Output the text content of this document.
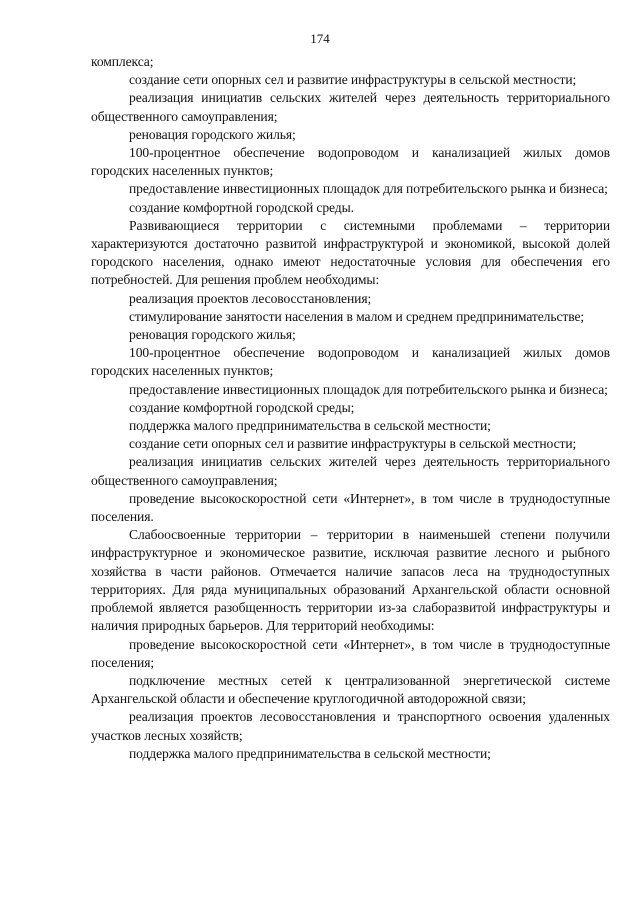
174

комплекса;

создание сети опорных сел и развитие инфраструктуры в сельской местности;

реализация инициатив сельских жителей через деятельность территориального общественного самоуправления;

реновация городского жилья;

100-процентное обеспечение водопроводом и канализацией жилых домов городских населенных пунктов;

предоставление инвестиционных площадок для потребительского рынка и бизнеса;

создание комфортной городской среды.

Развивающиеся территории с системными проблемами – территории характеризуются достаточно развитой инфраструктурой и экономикой, высокой долей городского населения, однако имеют недостаточные условия для обеспечения его потребностей. Для решения проблем необходимы:

реализация проектов лесовосстановления;

стимулирование занятости населения в малом и среднем предпринимательстве;

реновация городского жилья;

100-процентное обеспечение водопроводом и канализацией жилых домов городских населенных пунктов;

предоставление инвестиционных площадок для потребительского рынка и бизнеса;

создание комфортной городской среды;

поддержка малого предпринимательства в сельской местности;

создание сети опорных сел и развитие инфраструктуры в сельской местности;

реализация инициатив сельских жителей через деятельность территориального общественного самоуправления;

проведение высокоскоростной сети «Интернет», в том числе в труднодоступные поселения.

Слабоосвоенные территории – территории в наименьшей степени получили инфраструктурное и экономическое развитие, исключая развитие лесного и рыбного хозяйства в части районов. Отмечается наличие запасов леса на труднодоступных территориях. Для ряда муниципальных образований Архангельской области основной проблемой является разобщенность территории из-за слаборазвитой инфраструктуры и наличия природных барьеров. Для территорий необходимы:

проведение высокоскоростной сети «Интернет», в том числе в труднодоступные поселения;

подключение местных сетей к централизованной энергетической системе Архангельской области и обеспечение круглогодичной автодорожной связи;

реализация проектов лесовосстановления и транспортного освоения удаленных участков лесных хозяйств;

поддержка малого предпринимательства в сельской местности;
